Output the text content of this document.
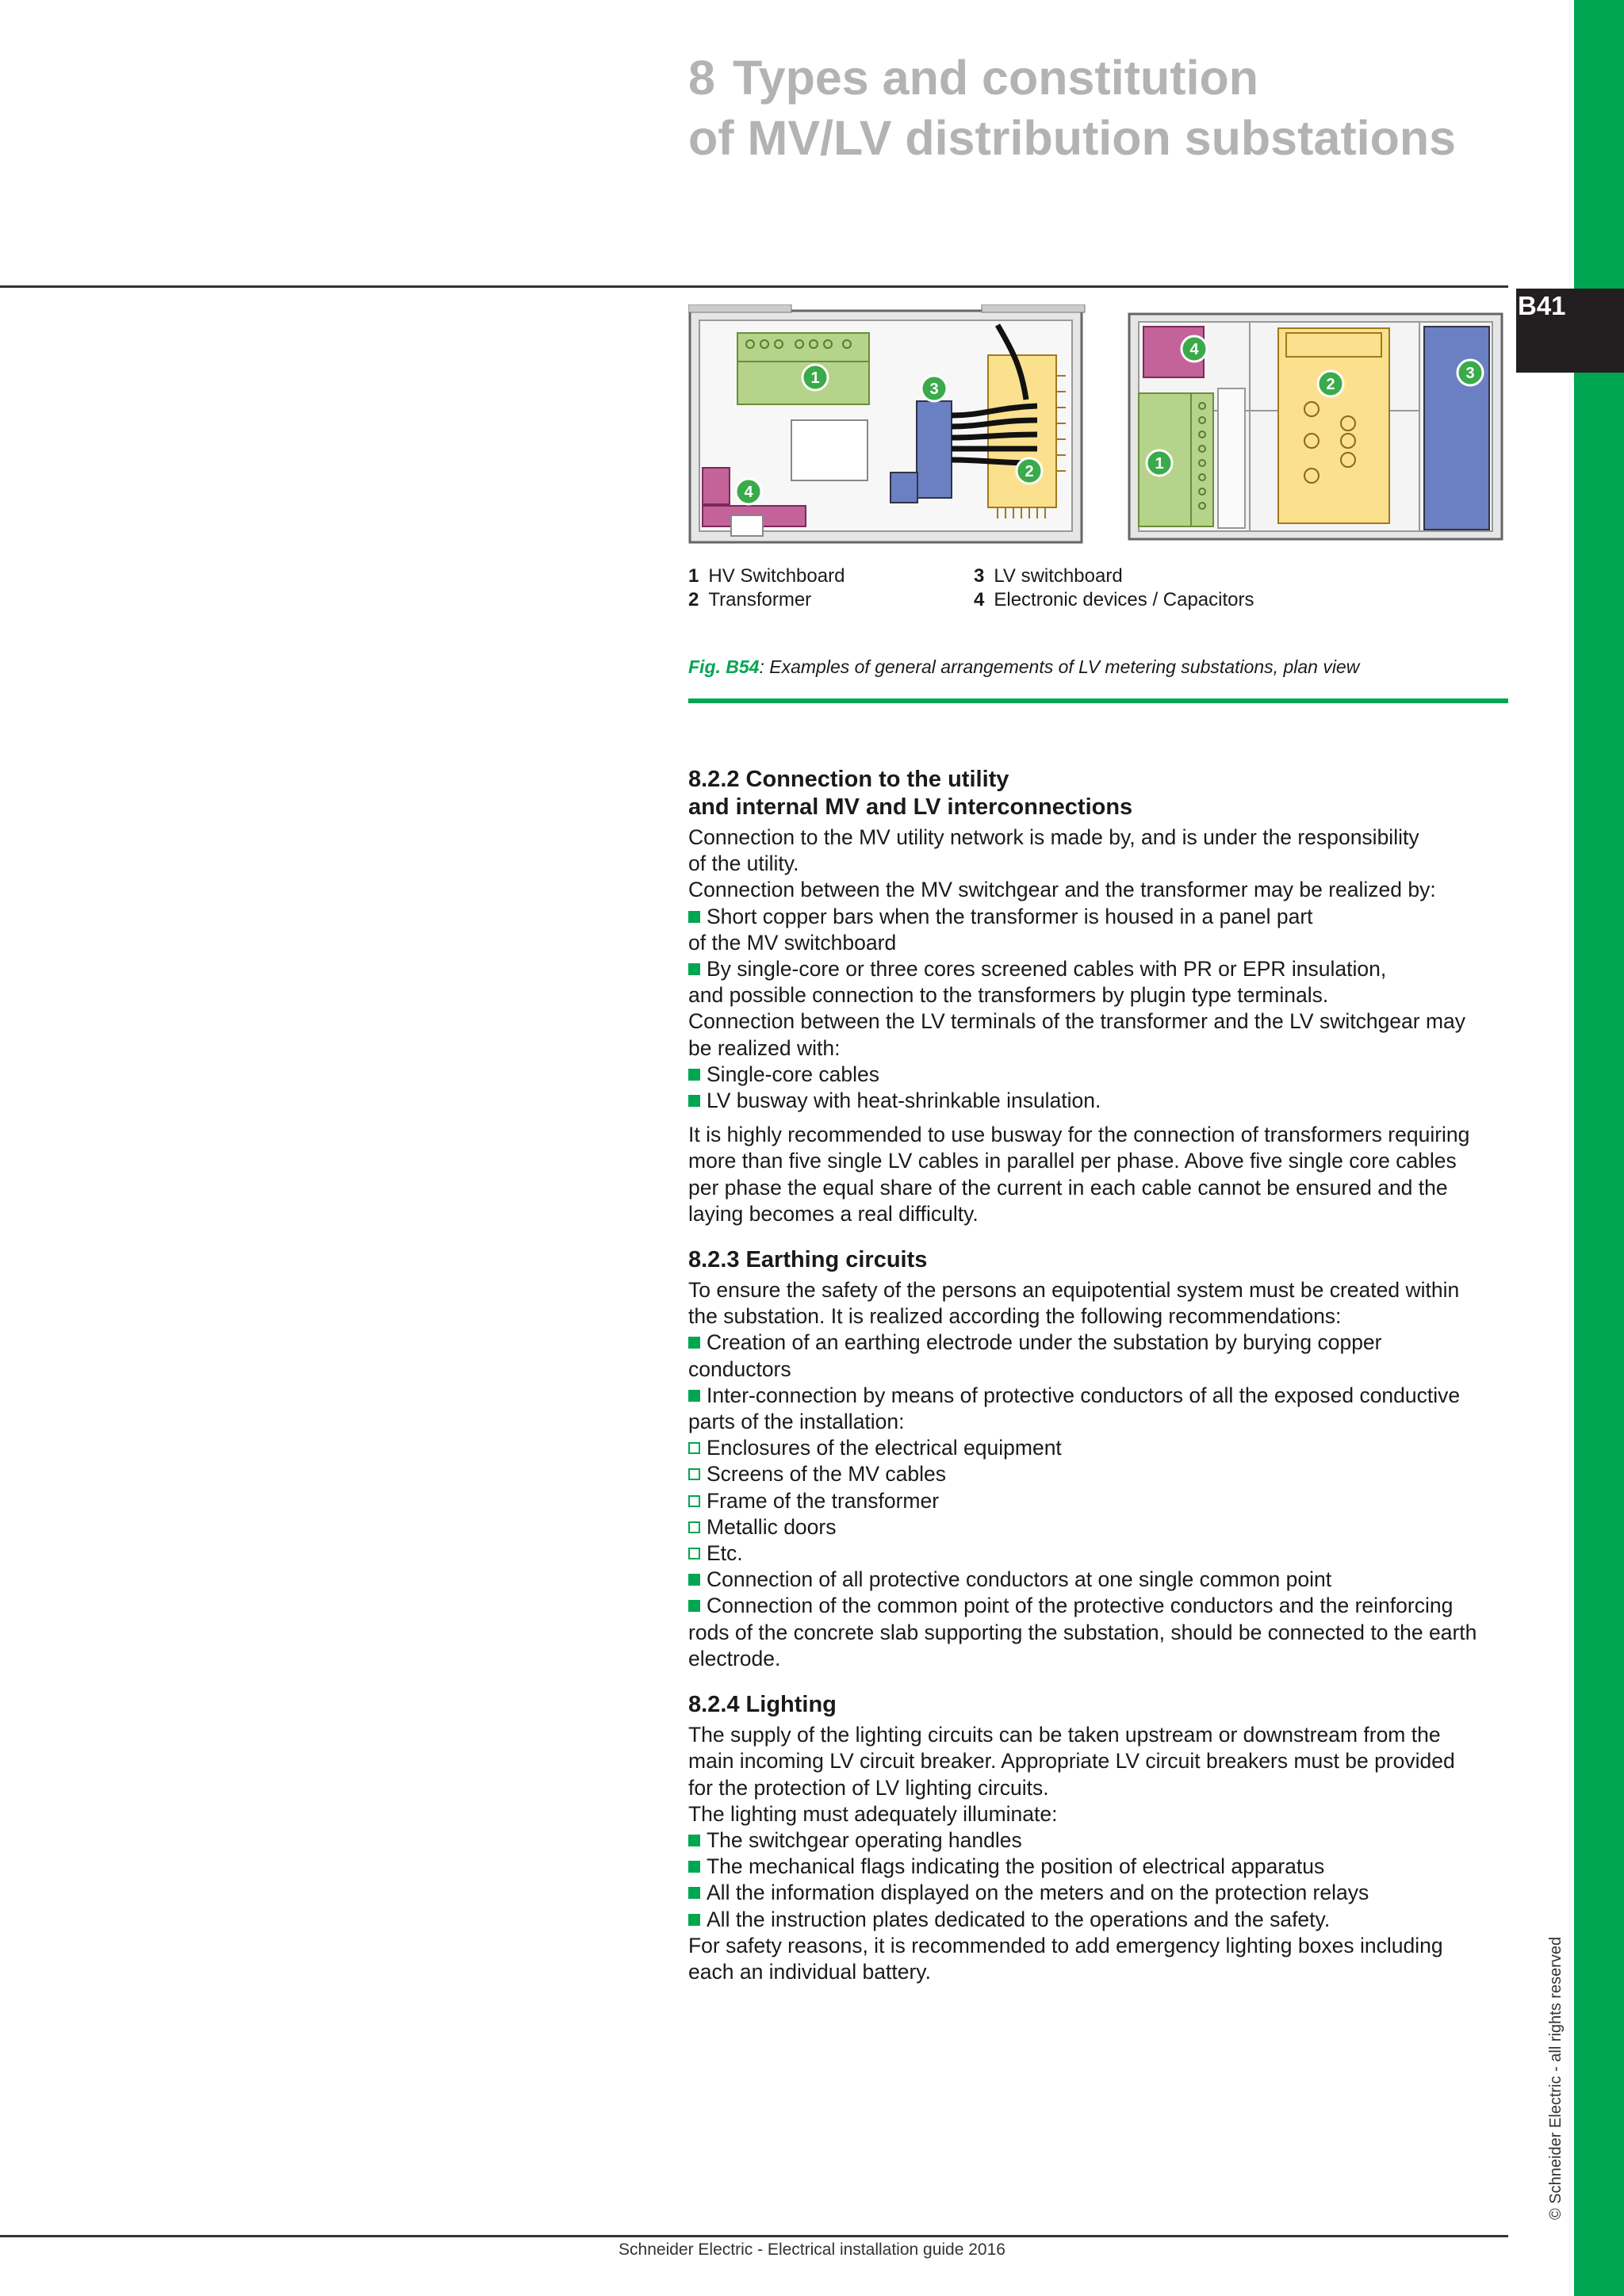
B41
8 Types and constitution
of MV/LV distribution substations
1
2
3
4
1
2
3
4
1 HV Switchboard
2 Transformer
3 LV switchboard
4 Electronic devices / Capacitors
Fig. B54: Examples of general arrangements of LV metering substations, plan view
8.2.2 Connection to the utility
and internal MV and LV interconnections

Connection to the MV utility network is made by, and is under the responsibility
of the utility.

Connection between the MV switchgear and the transformer may be realized by:

Short copper bars when the transformer is housed in a panel part
of the MV switchboard

By single-core or three cores screened cables with PR or EPR insulation,
and possible connection to the transformers by plugin type terminals.

Connection between the LV terminals of the transformer and the LV switchgear may
be realized with:

Single-core cables

LV busway with heat-shrinkable insulation.

It is highly recommended to use busway for the connection of transformers requiring
more than five single LV cables in parallel per phase. Above five single core cables
per phase the equal share of the current in each cable cannot be ensured and the
laying becomes a real difficulty.

8.2.3 Earthing circuits

To ensure the safety of the persons an equipotential system must be created within
the substation. It is realized according the following recommendations:

Creation of an earthing electrode under the substation by burying copper
conductors

Inter-connection by means of protective conductors of all the exposed conductive
parts of the installation:

Enclosures of the electrical equipment

Screens of the MV cables

Frame of the transformer

Metallic doors

Etc.

Connection of all protective conductors at one single common point

Connection of the common point of the protective conductors and the reinforcing
rods of the concrete slab supporting the substation, should be connected to the earth
electrode.

8.2.4 Lighting

The supply of the lighting circuits can be taken upstream or downstream from the
main incoming LV circuit breaker. Appropriate LV circuit breakers must be provided
for the protection of LV lighting circuits.

The lighting must adequately illuminate:

The switchgear operating handles

The mechanical flags indicating the position of electrical apparatus

All the information displayed on the meters and on the protection relays

All the instruction plates dedicated to the operations and the safety.

For safety reasons, it is recommended to add emergency lighting boxes including
each an individual battery.	© Schneider Electric - all rights reserved
Schneider Electric - Electrical installation guide 2016
